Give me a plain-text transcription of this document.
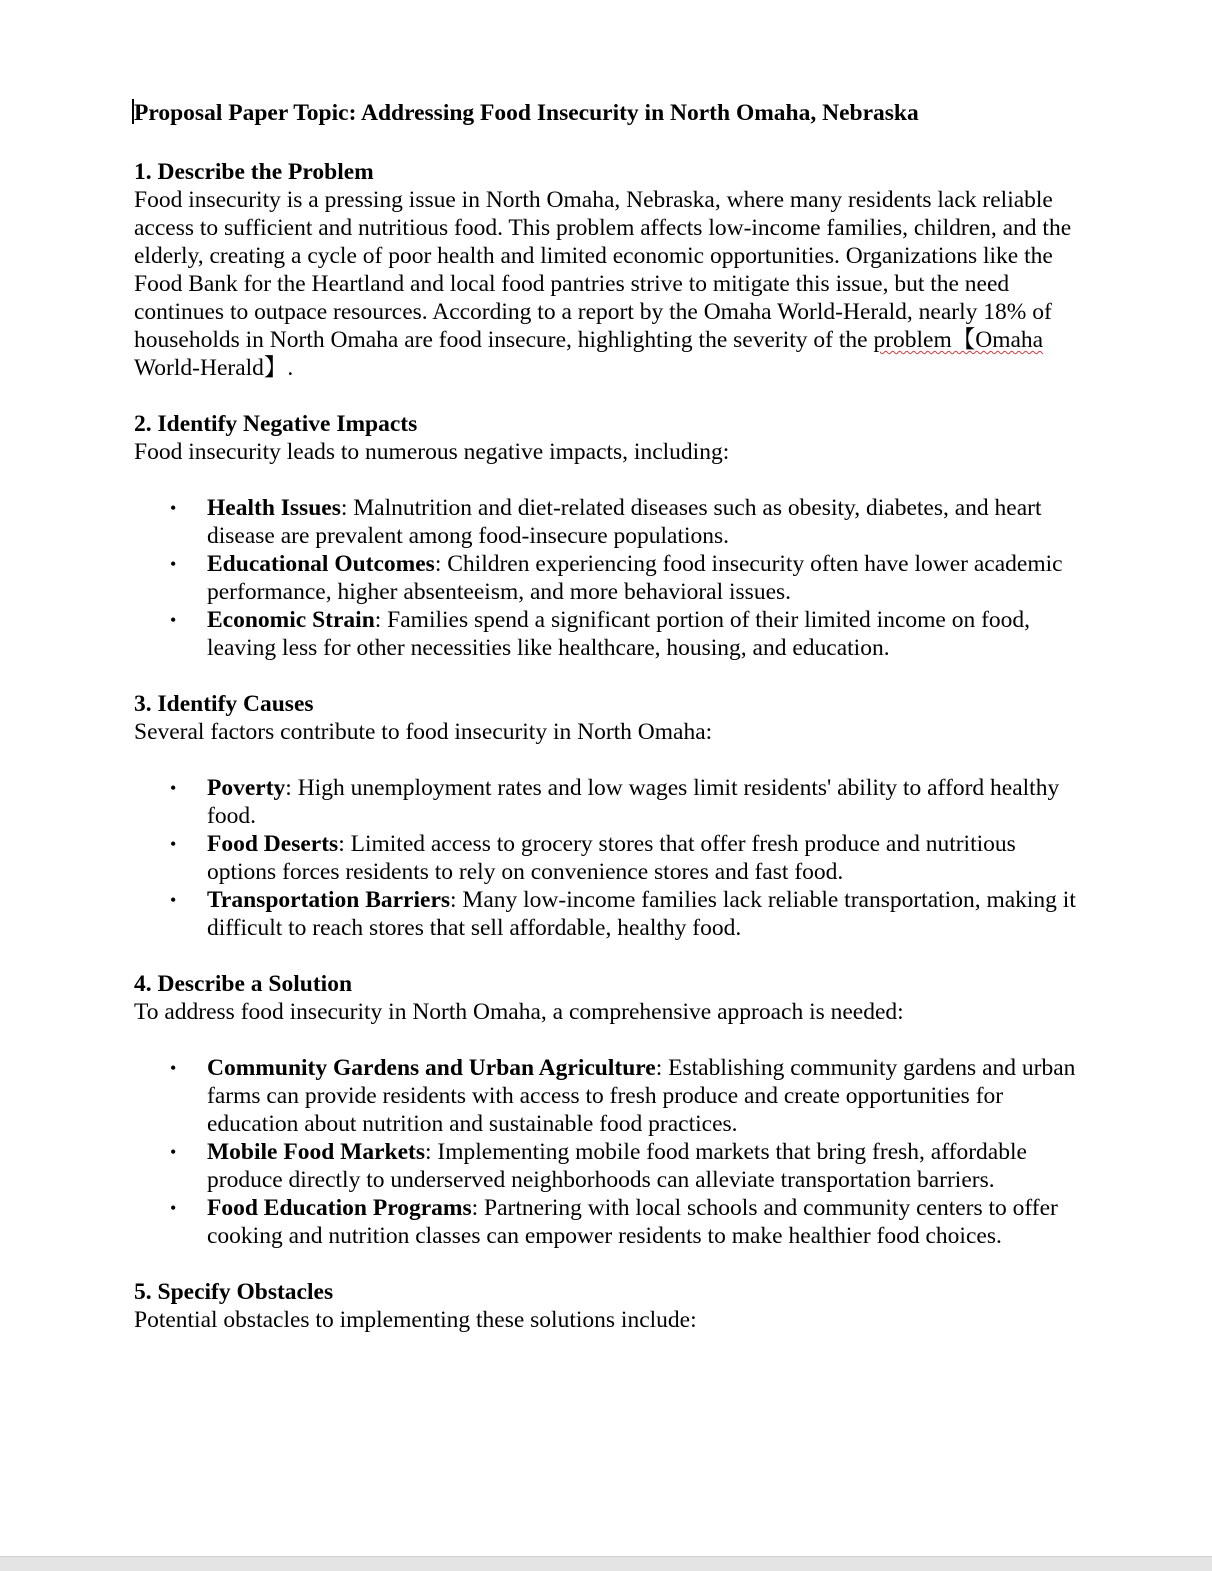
Proposal Paper Topic: Addressing Food Insecurity in North Omaha, Nebraska

1. Describe the Problem

Food insecurity is a pressing issue in North Omaha, Nebraska, where many residents lack reliable access to sufficient and nutritious food. This problem affects low-income families, children, and the elderly, creating a cycle of poor health and limited economic opportunities. Organizations like the Food Bank for the Heartland and local food pantries strive to mitigate this issue, but the need continues to outpace resources. According to a report by the Omaha World-Herald, nearly 18% of households in North Omaha are food insecure, highlighting the severity of the problem【Omaha World-Herald】.

2. Identify Negative Impacts

Food insecurity leads to numerous negative impacts, including:

• Health Issues: Malnutrition and diet-related diseases such as obesity, diabetes, and heart disease are prevalent among food-insecure populations.
• Educational Outcomes: Children experiencing food insecurity often have lower academic performance, higher absenteeism, and more behavioral issues.
• Economic Strain: Families spend a significant portion of their limited income on food, leaving less for other necessities like healthcare, housing, and education.

3. Identify Causes

Several factors contribute to food insecurity in North Omaha:

• Poverty: High unemployment rates and low wages limit residents' ability to afford healthy food.
• Food Deserts: Limited access to grocery stores that offer fresh produce and nutritious options forces residents to rely on convenience stores and fast food.
• Transportation Barriers: Many low-income families lack reliable transportation, making it difficult to reach stores that sell affordable, healthy food.

4. Describe a Solution

To address food insecurity in North Omaha, a comprehensive approach is needed:

• Community Gardens and Urban Agriculture: Establishing community gardens and urban farms can provide residents with access to fresh produce and create opportunities for education about nutrition and sustainable food practices.
• Mobile Food Markets: Implementing mobile food markets that bring fresh, affordable produce directly to underserved neighborhoods can alleviate transportation barriers.
• Food Education Programs: Partnering with local schools and community centers to offer cooking and nutrition classes can empower residents to make healthier food choices.

5. Specify Obstacles

Potential obstacles to implementing these solutions include:
